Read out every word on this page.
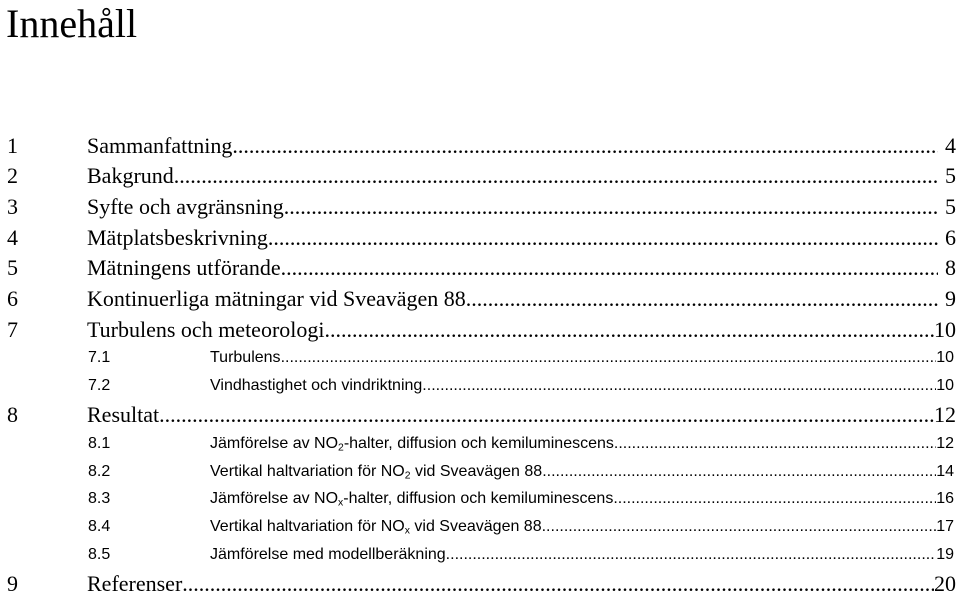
Innehåll
1	Sammanfattning .....	4
2	Bakgrund .....	5
3	Syfte och avgränsning .....	5
4	Mätplatsbeskrivning .....	6
5	Mätningens utförande .....	8
6	Kontinuerliga mätningar vid Sveavägen 88 .....	9
7	Turbulens och meteorologi .....	10
7.1	Turbulens .....	10
7.2	Vindhastighet och vindriktning .....	10
8	Resultat .....	12
8.1	Jämförelse av $NO_2$-halter, diffusion och kemiluminescens .....	12
8.2	Vertikal haltvariation för $NO_2$ vid Sveavägen 88 .....	14
8.3	Jämförelse av $NO_x$-halter, diffusion och kemiluminescens .....	16
8.4	Vertikal haltvariation för $NO_x$ vid Sveavägen 88 .....	17
8.5	Jämförelse med modellberäkning .....	19
9	Referenser .....	20
